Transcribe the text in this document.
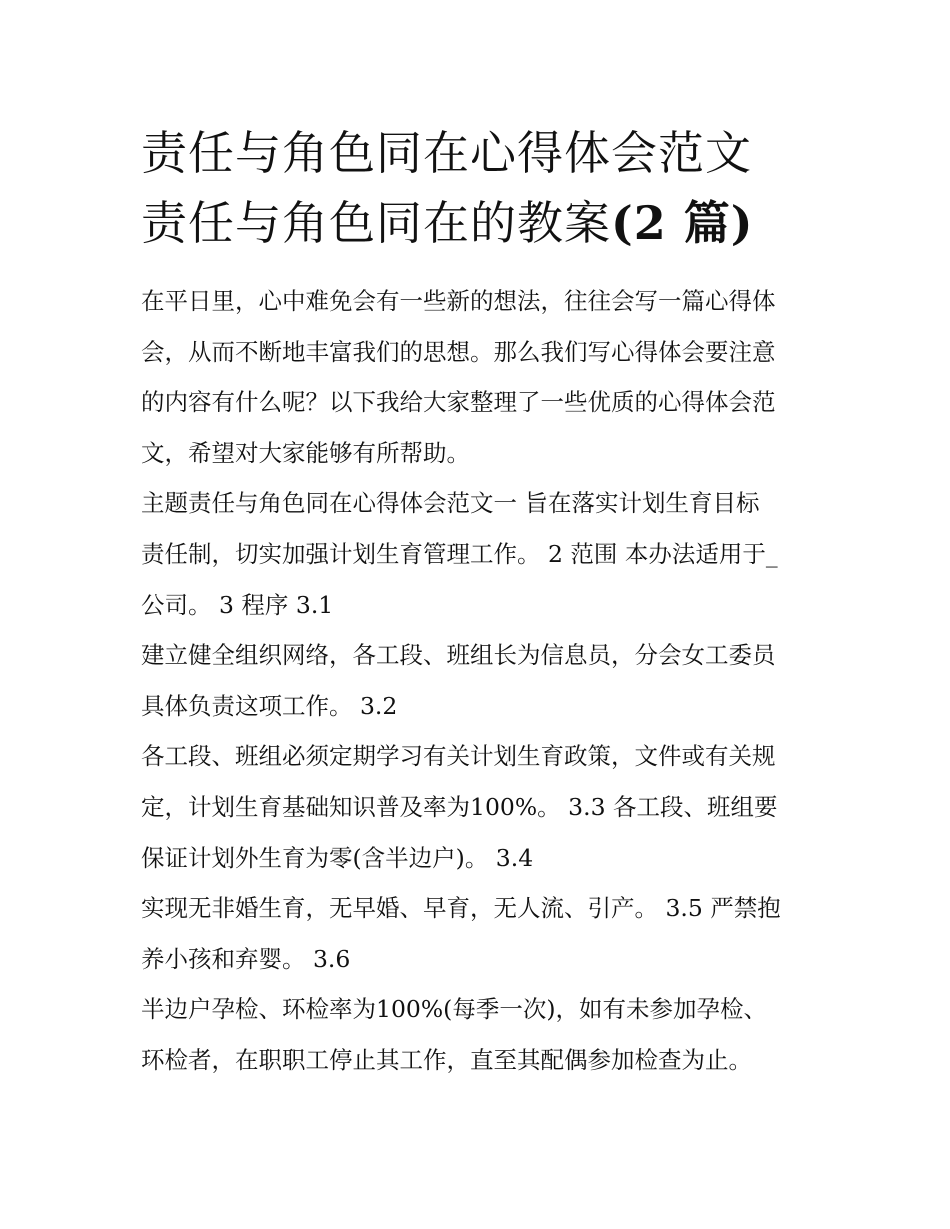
责任与角色同在心得体会范文
责任与角色同在的教案(2 篇)

在平日里，心中难免会有一些新的想法，往往会写一篇心得体
会，从而不断地丰富我们的思想。那么我们写心得体会要注意
的内容有什么呢？以下我给大家整理了一些优质的心得体会范
文，希望对大家能够有所帮助。

主题责任与角色同在心得体会范文一 旨在落实计划生育目标
责任制，切实加强计划生育管理工作。 2 范围 本办法适用于_
公司。 3 程序 3.1

建立健全组织网络，各工段、班组长为信息员，分会女工委员
具体负责这项工作。 3.2

各工段、班组必须定期学习有关计划生育政策，文件或有关规
定，计划生育基础知识普及率为100%。 3.3 各工段、班组要
保证计划外生育为零(含半边户)。 3.4

实现无非婚生育，无早婚、早育，无人流、引产。 3.5 严禁抱
养小孩和弃婴。 3.6

半边户孕检、环检率为100%(每季一次)，如有未参加孕检、
环检者，在职职工停止其工作，直至其配偶参加检查为止。
